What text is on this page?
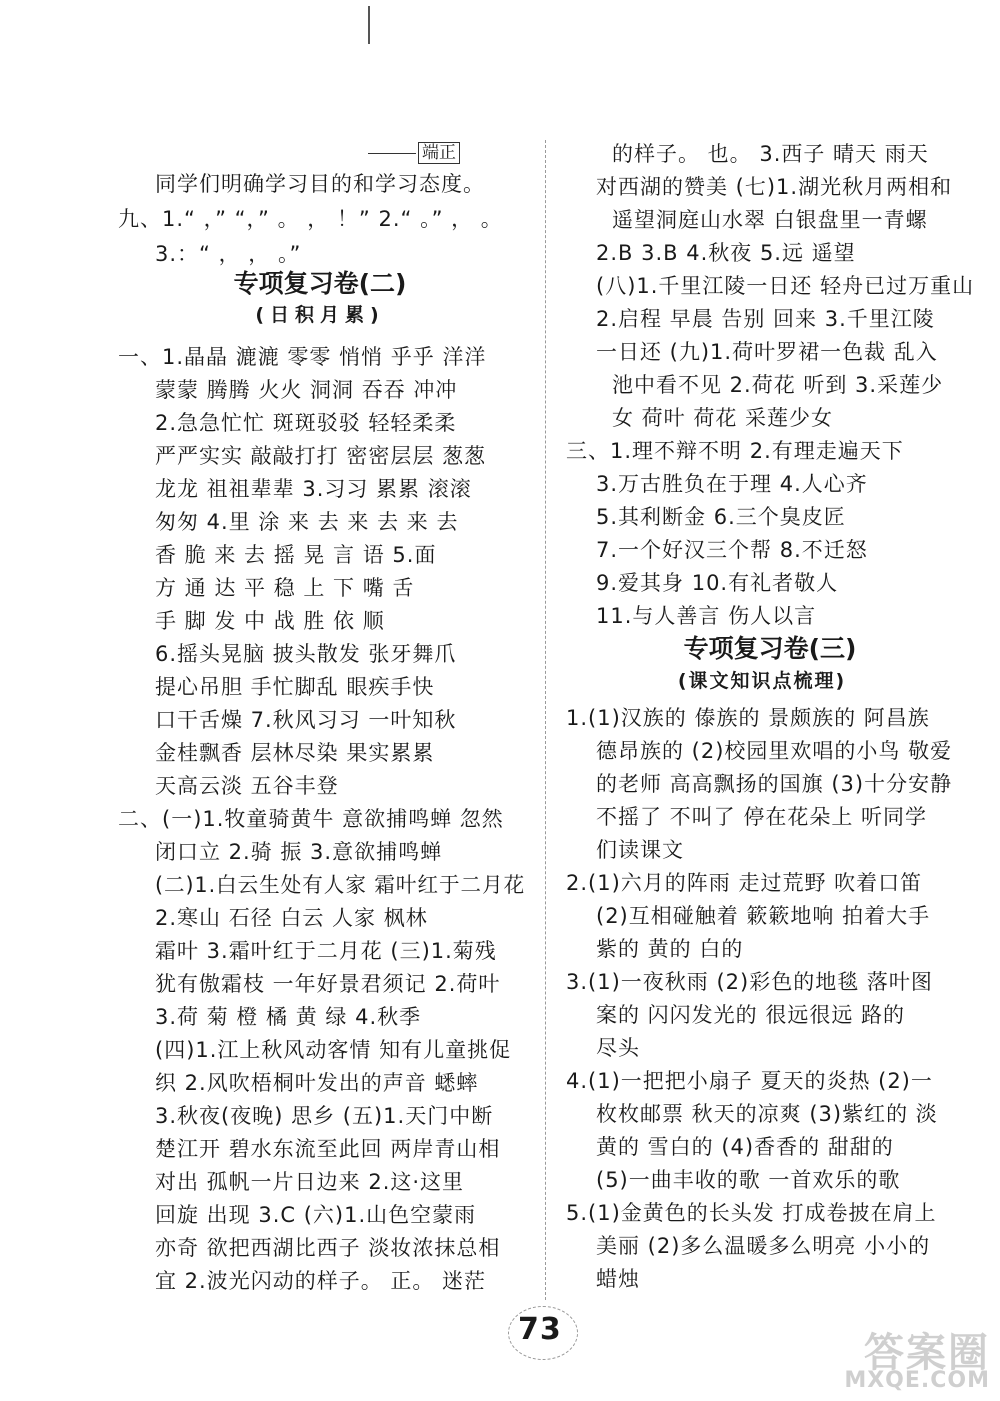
端正
同学们明确学习目的和学习态度。
九、1.“ ，” “，” 。 ， ！” 2.“ 。” ， 。
3.：“ ， ， 。”
一、1.晶晶 漉漉 零零 悄悄 乎乎 洋洋
蒙蒙 腾腾 火火 洞洞 吞吞 冲冲
2.急急忙忙 斑斑驳驳 轻轻柔柔
严严实实 敲敲打打 密密层层 葱葱
龙龙 祖祖辈辈 3.习习 累累 滚滚
匆匆 4.里 涂 来 去 来 去 来 去
香 脆 来 去 摇 晃 言 语 5.面
方 通 达 平 稳 上 下 嘴 舌
手 脚 发 中 战 胜 依 顺
6.摇头晃脑 披头散发 张牙舞爪
提心吊胆 手忙脚乱 眼疾手快
口干舌燥 7.秋风习习 一叶知秋
金桂飘香 层林尽染 果实累累
天高云淡 五谷丰登
二、(一)1.牧童骑黄牛 意欲捕鸣蝉 忽然
闭口立 2.骑 振 3.意欲捕鸣蝉
(二)1.白云生处有人家 霜叶红于二月花
2.寒山 石径 白云 人家 枫林
霜叶 3.霜叶红于二月花 (三)1.菊残
犹有傲霜枝 一年好景君须记 2.荷叶
3.荷 菊 橙 橘 黄 绿 4.秋季
(四)1.江上秋风动客情 知有儿童挑促
织 2.风吹梧桐叶发出的声音 蟋蟀
3.秋夜(夜晚) 思乡 (五)1.天门中断
楚江开 碧水东流至此回 两岸青山相
对出 孤帆一片日边来 2.这·这里
回旋 出现 3.C (六)1.山色空蒙雨
亦奇 欲把西湖比西子 淡妆浓抹总相
宜 2.波光闪动的样子。 正。 迷茫
专项复习卷(二)
(日积月累)
的样子。 也。 3.西子 晴天 雨天
对西湖的赞美 (七)1.湖光秋月两相和
遥望洞庭山水翠 白银盘里一青螺
2.B 3.B 4.秋夜 5.远 遥望
(八)1.千里江陵一日还 轻舟已过万重山
2.启程 早晨 告别 回来 3.千里江陵
一日还 (九)1.荷叶罗裙一色裁 乱入
池中看不见 2.荷花 听到 3.采莲少
女 荷叶 荷花 采莲少女
三、1.理不辩不明 2.有理走遍天下
3.万古胜负在于理 4.人心齐
5.其利断金 6.三个臭皮匠
7.一个好汉三个帮 8.不迁怒
9.爱其身 10.有礼者敬人
11.与人善言 伤人以言
专项复习卷(三)
(课文知识点梳理)
1.(1)汉族的 傣族的 景颇族的 阿昌族
德昂族的 (2)校园里欢唱的小鸟 敬爱
的老师 高高飘扬的国旗 (3)十分安静
不摇了 不叫了 停在花朵上 听同学
们读课文
2.(1)六月的阵雨 走过荒野 吹着口笛
(2)互相碰触着 簌簌地响 拍着大手
紫的 黄的 白的
3.(1)一夜秋雨 (2)彩色的地毯 落叶图
案的 闪闪发光的 很远很远 路的
尽头
4.(1)一把把小扇子 夏天的炎热 (2)一
枚枚邮票 秋天的凉爽 (3)紫红的 淡
黄的 雪白的 (4)香香的 甜甜的
(5)一曲丰收的歌 一首欢乐的歌
5.(1)金黄色的长头发 打成卷披在肩上
美丽 (2)多么温暖多么明亮 小小的
蜡烛
73
答案圈
MXQE.COM
